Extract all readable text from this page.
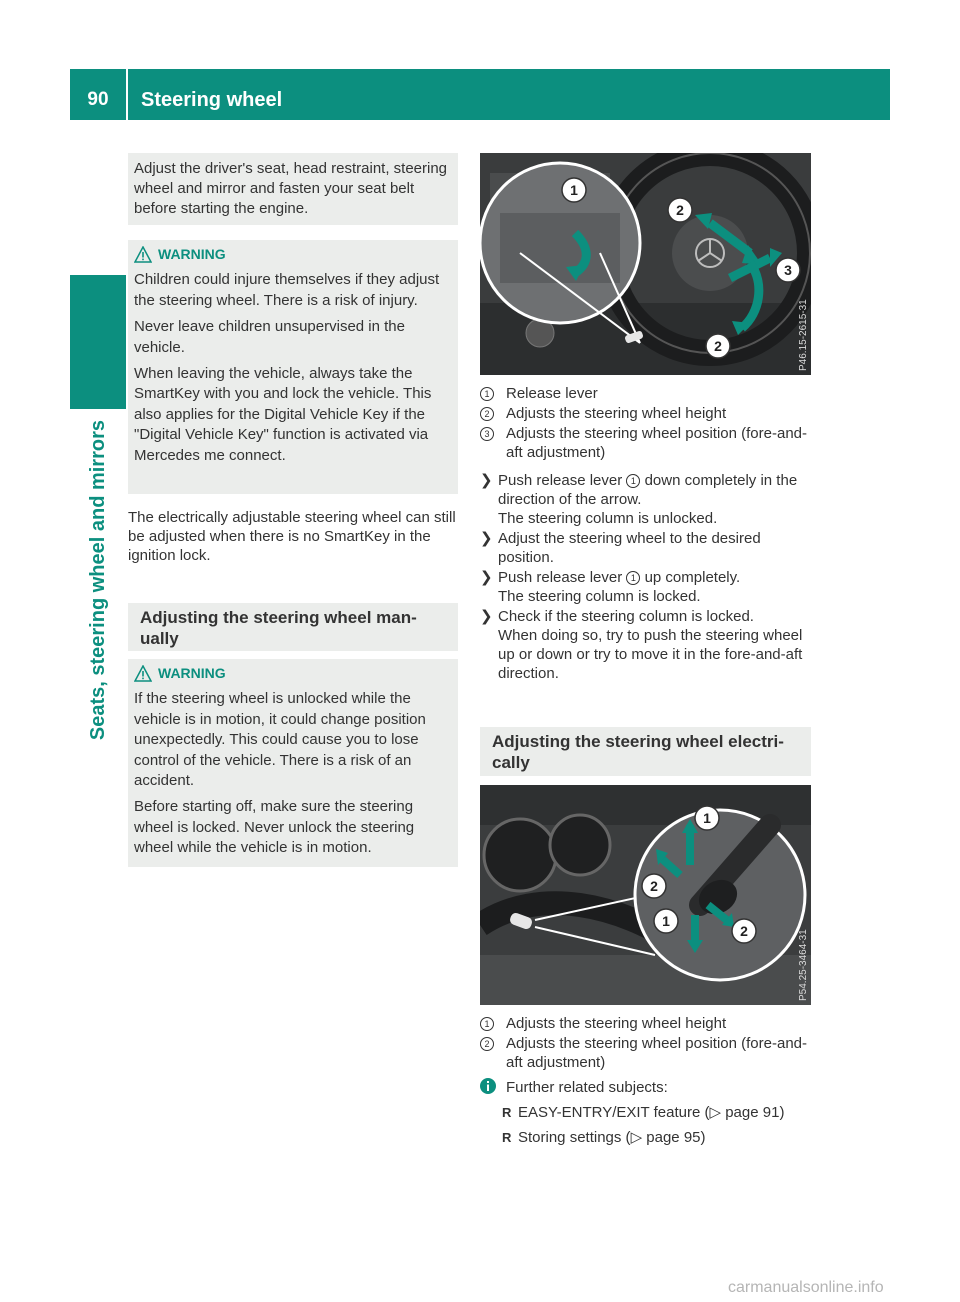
90	Steering wheel
Seats, steering wheel and mirrors

Adjust the driver's seat, head restraint, steering wheel and mirror and fasten your seat belt before starting the engine.

WARNING

Children could injure themselves if they adjust the steering wheel. There is a risk of injury.

Never leave children unsupervised in the vehicle.

When leaving the vehicle, always take the SmartKey with you and lock the vehicle. This also applies for the Digital Vehicle Key if the "Digital Vehicle Key" function is activated via Mercedes me connect.

The electrically adjustable steering wheel can still be adjusted when there is no SmartKey in the ignition lock.
Adjusting the steering wheel man-ually
WARNING

If the steering wheel is unlocked while the vehicle is in motion, it could change position unexpectedly. This could cause you to lose control of the vehicle. There is a risk of an accident.

Before starting off, make sure the steering wheel is locked. Never unlock the steering wheel while the vehicle is in motion.

1
2
3
2	P46.15-2615-31
1	Release lever
2	Adjusts the steering wheel height
3	Adjusts the steering wheel position (fore-and-aft adjustment)
❯ Push release lever 1 down completely in the direction of the arrow.
The steering column is unlocked.
❯ Adjust the steering wheel to the desired position.
❯ Push release lever 1 up completely.
The steering column is locked.
❯ Check if the steering column is locked.
When doing so, try to push the steering wheel up or down or try to move it in the fore-and-aft direction.
Adjusting the steering wheel electri-cally
1
2
1
2	P54.25-3464-31
1	Adjusts the steering wheel height
2	Adjusts the steering wheel position (fore-and-aft adjustment)
Further related subjects:
R EASY-ENTRY/EXIT feature (▷ page 91)
R Storing settings (▷ page 95)
carmanualsonline.info
